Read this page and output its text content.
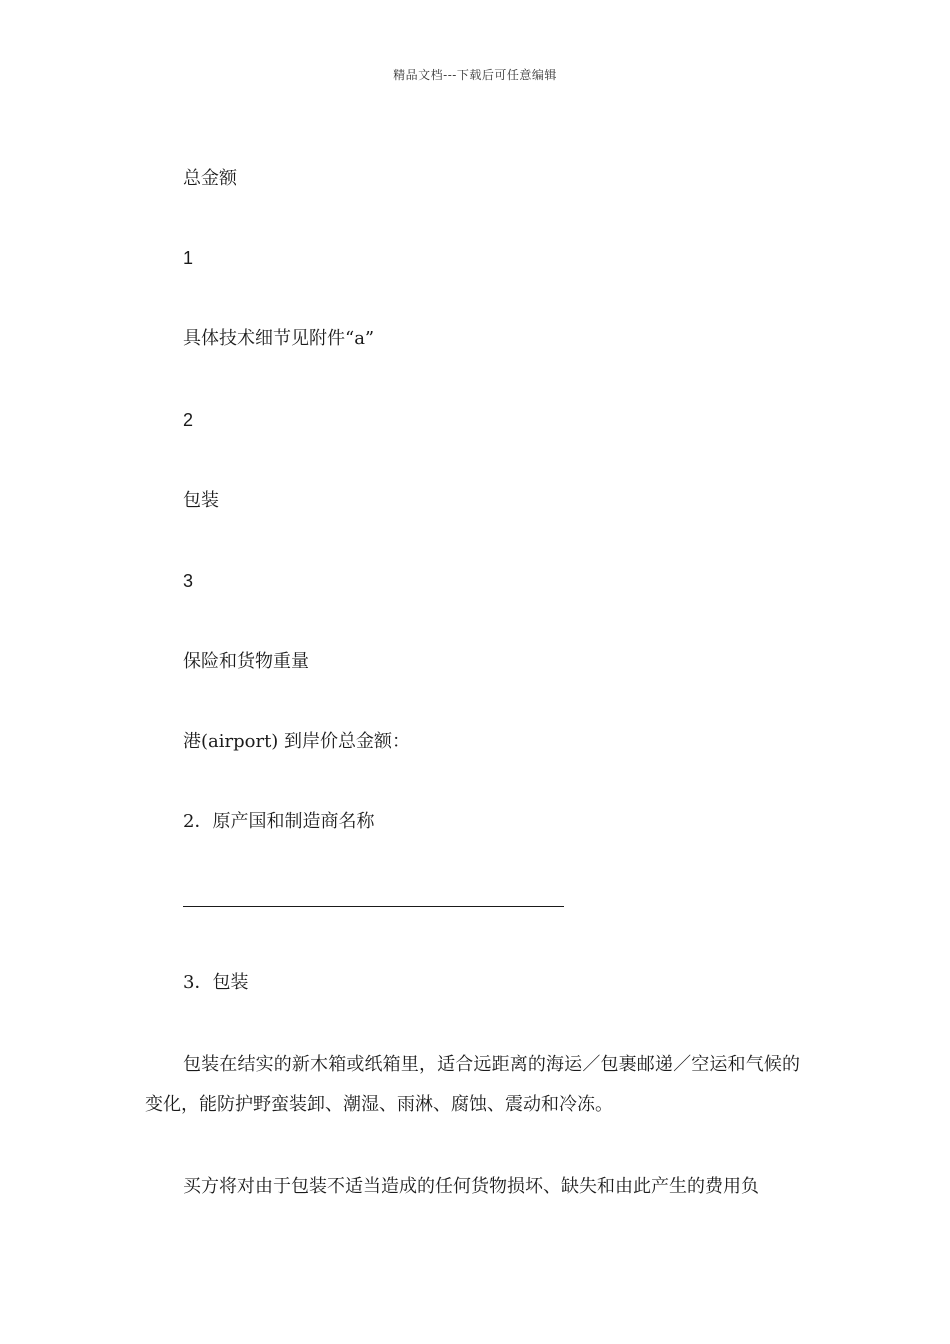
精品文档---下载后可任意编辑
总金额
1
具体技术细节见附件“a”
2
包装
3
保险和货物重量
港(airport) 到岸价总金额：
2．原产国和制造商名称
3．包装
包装在结实的新木箱或纸箱里，适合远距离的海运／包裹邮递／空运和气候的变化，能防护野蛮装卸、潮湿、雨淋、腐蚀、震动和冷冻。
买方将对由于包装不适当造成的任何货物损坏、缺失和由此产生的费用负
